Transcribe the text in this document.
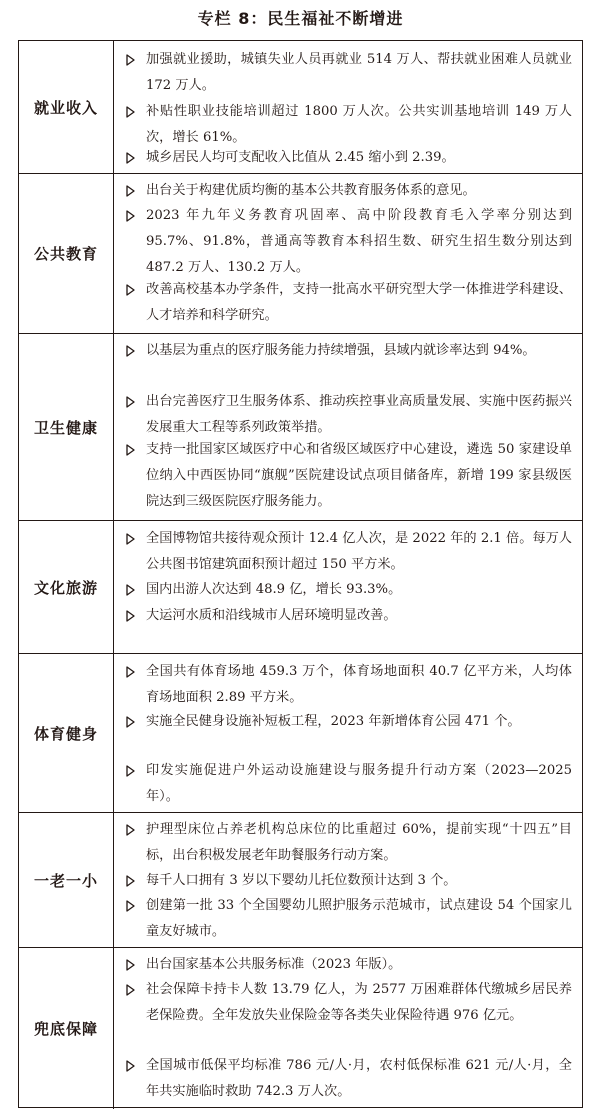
专栏 8：民生福祉不断增进
就业收入
加强就业援助，城镇失业人员再就业 514 万人、帮扶就业困难人员就业 172 万人。
补贴性职业技能培训超过 1800 万人次。公共实训基地培训 149 万人次，增长 61%。
城乡居民人均可支配收入比值从 2.45 缩小到 2.39。
公共教育
出台关于构建优质均衡的基本公共教育服务体系的意见。
2023 年九年义务教育巩固率、高中阶段教育毛入学率分别达到 95.7%、91.8%，普通高等教育本科招生数、研究生招生数分别达到 487.2 万人、130.2 万人。
改善高校基本办学条件，支持一批高水平研究型大学一体推进学科建设、人才培养和科学研究。
卫生健康
以基层为重点的医疗服务能力持续增强，县域内就诊率达到 94%。
出台完善医疗卫生服务体系、推动疾控事业高质量发展、实施中医药振兴发展重大工程等系列政策举措。
支持一批国家区域医疗中心和省级区域医疗中心建设，遴选 50 家建设单位纳入中西医协同“旗舰”医院建设试点项目储备库，新增 199 家县级医院达到三级医院医疗服务能力。
文化旅游
全国博物馆共接待观众预计 12.4 亿人次，是 2022 年的 2.1 倍。每万人公共图书馆建筑面积预计超过 150 平方米。
国内出游人次达到 48.9 亿，增长 93.3%。
大运河水质和沿线城市人居环境明显改善。
体育健身
全国共有体育场地 459.3 万个，体育场地面积 40.7 亿平方米，人均体育场地面积 2.89 平方米。
实施全民健身设施补短板工程，2023 年新增体育公园 471 个。
印发实施促进户外运动设施建设与服务提升行动方案（2023—2025 年）。
一老一小
护理型床位占养老机构总床位的比重超过 60%，提前实现“十四五”目标，出台积极发展老年助餐服务行动方案。
每千人口拥有 3 岁以下婴幼儿托位数预计达到 3 个。
创建第一批 33 个全国婴幼儿照护服务示范城市，试点建设 54 个国家儿童友好城市。
兜底保障
出台国家基本公共服务标准（2023 年版）。
社会保障卡持卡人数 13.79 亿人，为 2577 万困难群体代缴城乡居民养老保险费。全年发放失业保险金等各类失业保险待遇 976 亿元。
全国城市低保平均标准 786 元/人·月，农村低保标准 621 元/人·月，全年共实施临时救助 742.3 万人次。
